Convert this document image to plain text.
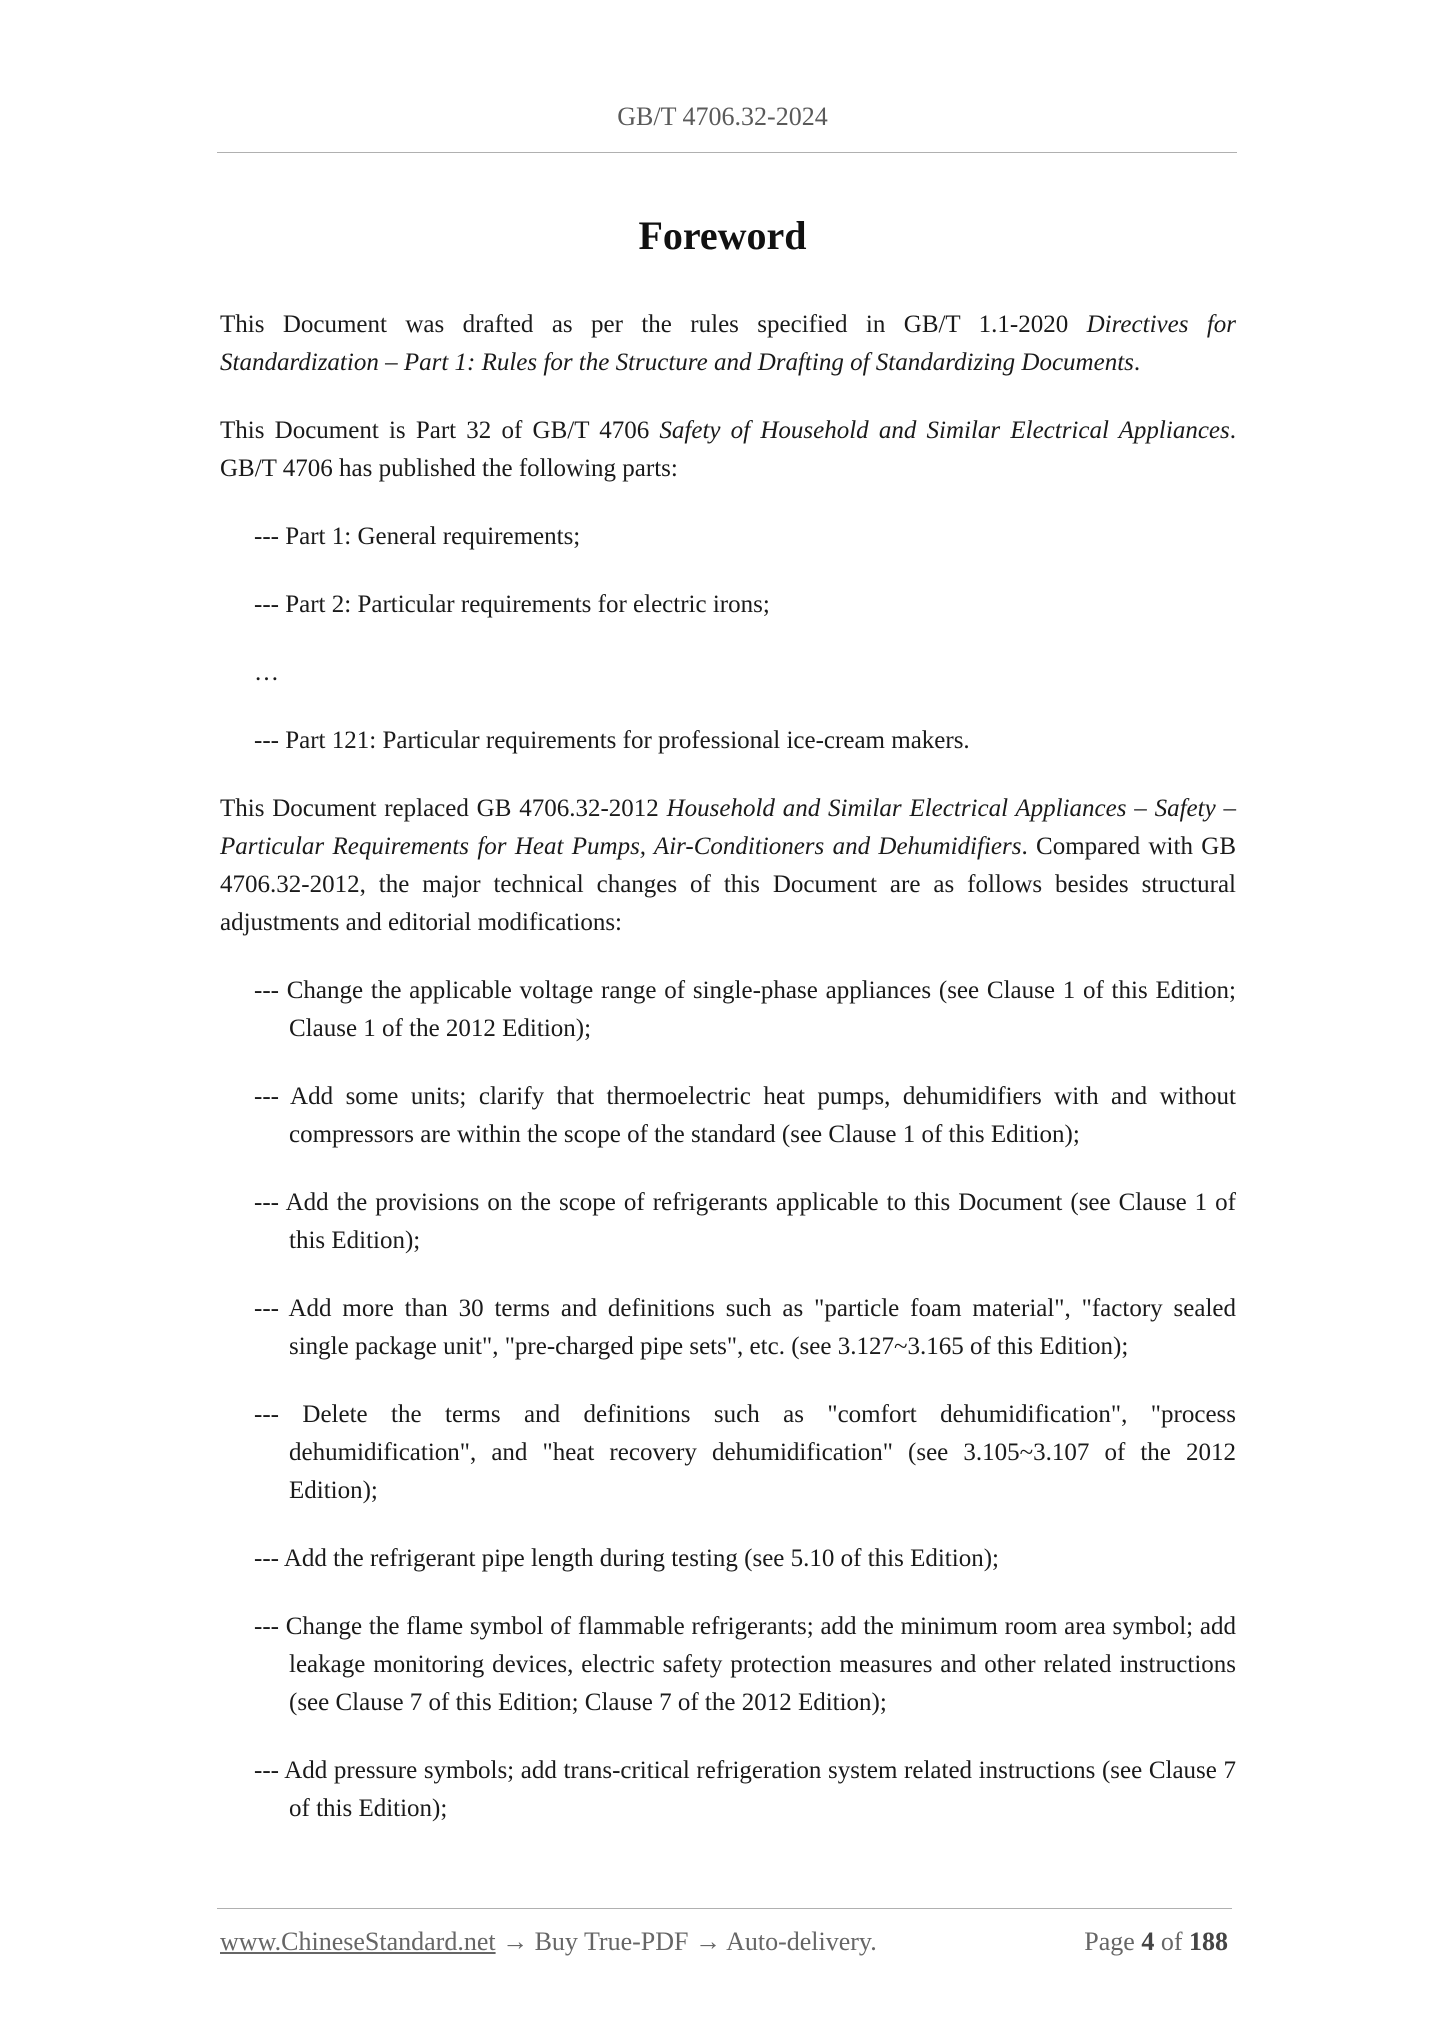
GB/T 4706.32-2024
Foreword

This Document was drafted as per the rules specified in GB/T 1.1-2020 Directives for Standardization – Part 1: Rules for the Structure and Drafting of Standardizing Documents.

This Document is Part 32 of GB/T 4706 Safety of Household and Similar Electrical Appliances. GB/T 4706 has published the following parts:

--- Part 1: General requirements;
--- Part 2: Particular requirements for electric irons;
…
--- Part 121: Particular requirements for professional ice-cream makers.

This Document replaced GB 4706.32-2012 Household and Similar Electrical Appliances – Safety – Particular Requirements for Heat Pumps, Air-Conditioners and Dehumidifiers. Compared with GB 4706.32-2012, the major technical changes of this Document are as follows besides structural adjustments and editorial modifications:

--- Change the applicable voltage range of single-phase appliances (see Clause 1 of this Edition; Clause 1 of the 2012 Edition);
--- Add some units; clarify that thermoelectric heat pumps, dehumidifiers with and without compressors are within the scope of the standard (see Clause 1 of this Edition);
--- Add the provisions on the scope of refrigerants applicable to this Document (see Clause 1 of this Edition);
--- Add more than 30 terms and definitions such as "particle foam material", "factory sealed single package unit", "pre-charged pipe sets", etc. (see 3.127~3.165 of this Edition);
--- Delete the terms and definitions such as "comfort dehumidification", "process dehumidification", and "heat recovery dehumidification" (see 3.105~3.107 of the 2012 Edition);
--- Add the refrigerant pipe length during testing (see 5.10 of this Edition);
--- Change the flame symbol of flammable refrigerants; add the minimum room area symbol; add leakage monitoring devices, electric safety protection measures and other related instructions (see Clause 7 of this Edition; Clause 7 of the 2012 Edition);
--- Add pressure symbols; add trans-critical refrigeration system related instructions (see Clause 7 of this Edition);
www.ChineseStandard.net → Buy True-PDF → Auto-delivery.	Page 4 of 188
